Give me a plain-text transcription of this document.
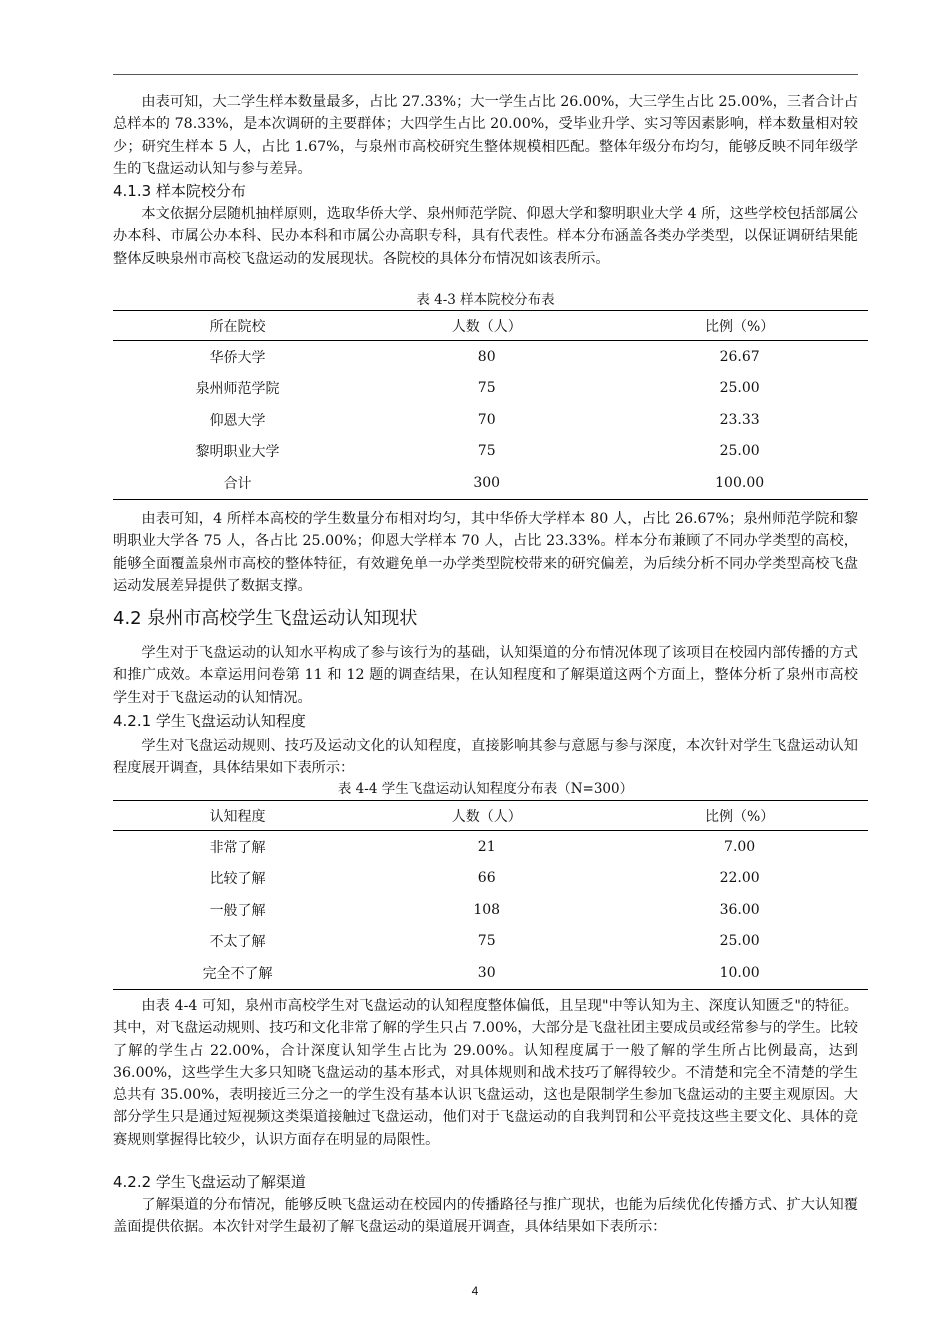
由表可知，大二学生样本数量最多，占比 27.33%；大一学生占比 26.00%，大三学生占比 25.00%，三者合计占总样本的 78.33%，是本次调研的主要群体；大四学生占比 20.00%，受毕业升学、实习等因素影响，样本数量相对较少；研究生样本 5 人，占比 1.67%，与泉州市高校研究生整体规模相匹配。整体年级分布均匀，能够反映不同年级学生的飞盘运动认知与参与差异。

4.1.3 样本院校分布

本文依据分层随机抽样原则，选取华侨大学、泉州师范学院、仰恩大学和黎明职业大学 4 所，这些学校包括部属公办本科、市属公办本科、民办本科和市属公办高职专科，具有代表性。样本分布涵盖各类办学类型，以保证调研结果能整体反映泉州市高校飞盘运动的发展现状。各院校的具体分布情况如该表所示。

表 4-3 样本院校分布表
所在院校	人数（人）	比例（%）
华侨大学	80	26.67
泉州师范学院	75	25.00
仰恩大学	70	23.33
黎明职业大学	75	25.00
合计	300	100.00

由表可知，4 所样本高校的学生数量分布相对均匀，其中华侨大学样本 80 人，占比 26.67%；泉州师范学院和黎明职业大学各 75 人，各占比 25.00%；仰恩大学样本 70 人，占比 23.33%。样本分布兼顾了不同办学类型的高校，能够全面覆盖泉州市高校的整体特征，有效避免单一办学类型院校带来的研究偏差，为后续分析不同办学类型高校飞盘运动发展差异提供了数据支撑。

4.2 泉州市高校学生飞盘运动认知现状

学生对于飞盘运动的认知水平构成了参与该行为的基础，认知渠道的分布情况体现了该项目在校园内部传播的方式和推广成效。本章运用问卷第 11 和 12 题的调查结果，在认知程度和了解渠道这两个方面上，整体分析了泉州市高校学生对于飞盘运动的认知情况。

4.2.1 学生飞盘运动认知程度

学生对飞盘运动规则、技巧及运动文化的认知程度，直接影响其参与意愿与参与深度，本次针对学生飞盘运动认知程度展开调查，具体结果如下表所示：

表 4-4 学生飞盘运动认知程度分布表（N=300）
认知程度	人数（人）	比例（%）
非常了解	21	7.00
比较了解	66	22.00
一般了解	108	36.00
不太了解	75	25.00
完全不了解	30	10.00

由表 4-4 可知，泉州市高校学生对飞盘运动的认知程度整体偏低，且呈现"中等认知为主、深度认知匮乏"的特征。其中，对飞盘运动规则、技巧和文化非常了解的学生只占 7.00%，大部分是飞盘社团主要成员或经常参与的学生。比较了解的学生占 22.00%，合计深度认知学生占比为 29.00%。认知程度属于一般了解的学生所占比例最高，达到 36.00%，这些学生大多只知晓飞盘运动的基本形式，对具体规则和战术技巧了解得较少。不清楚和完全不清楚的学生总共有 35.00%，表明接近三分之一的学生没有基本认识飞盘运动，这也是限制学生参加飞盘运动的主要主观原因。大部分学生只是通过短视频这类渠道接触过飞盘运动，他们对于飞盘运动的自我判罚和公平竞技这些主要文化、具体的竞赛规则掌握得比较少，认识方面存在明显的局限性。

4.2.2 学生飞盘运动了解渠道

了解渠道的分布情况，能够反映飞盘运动在校园内的传播路径与推广现状，也能为后续优化传播方式、扩大认知覆盖面提供依据。本次针对学生最初了解飞盘运动的渠道展开调查，具体结果如下表所示：

4
